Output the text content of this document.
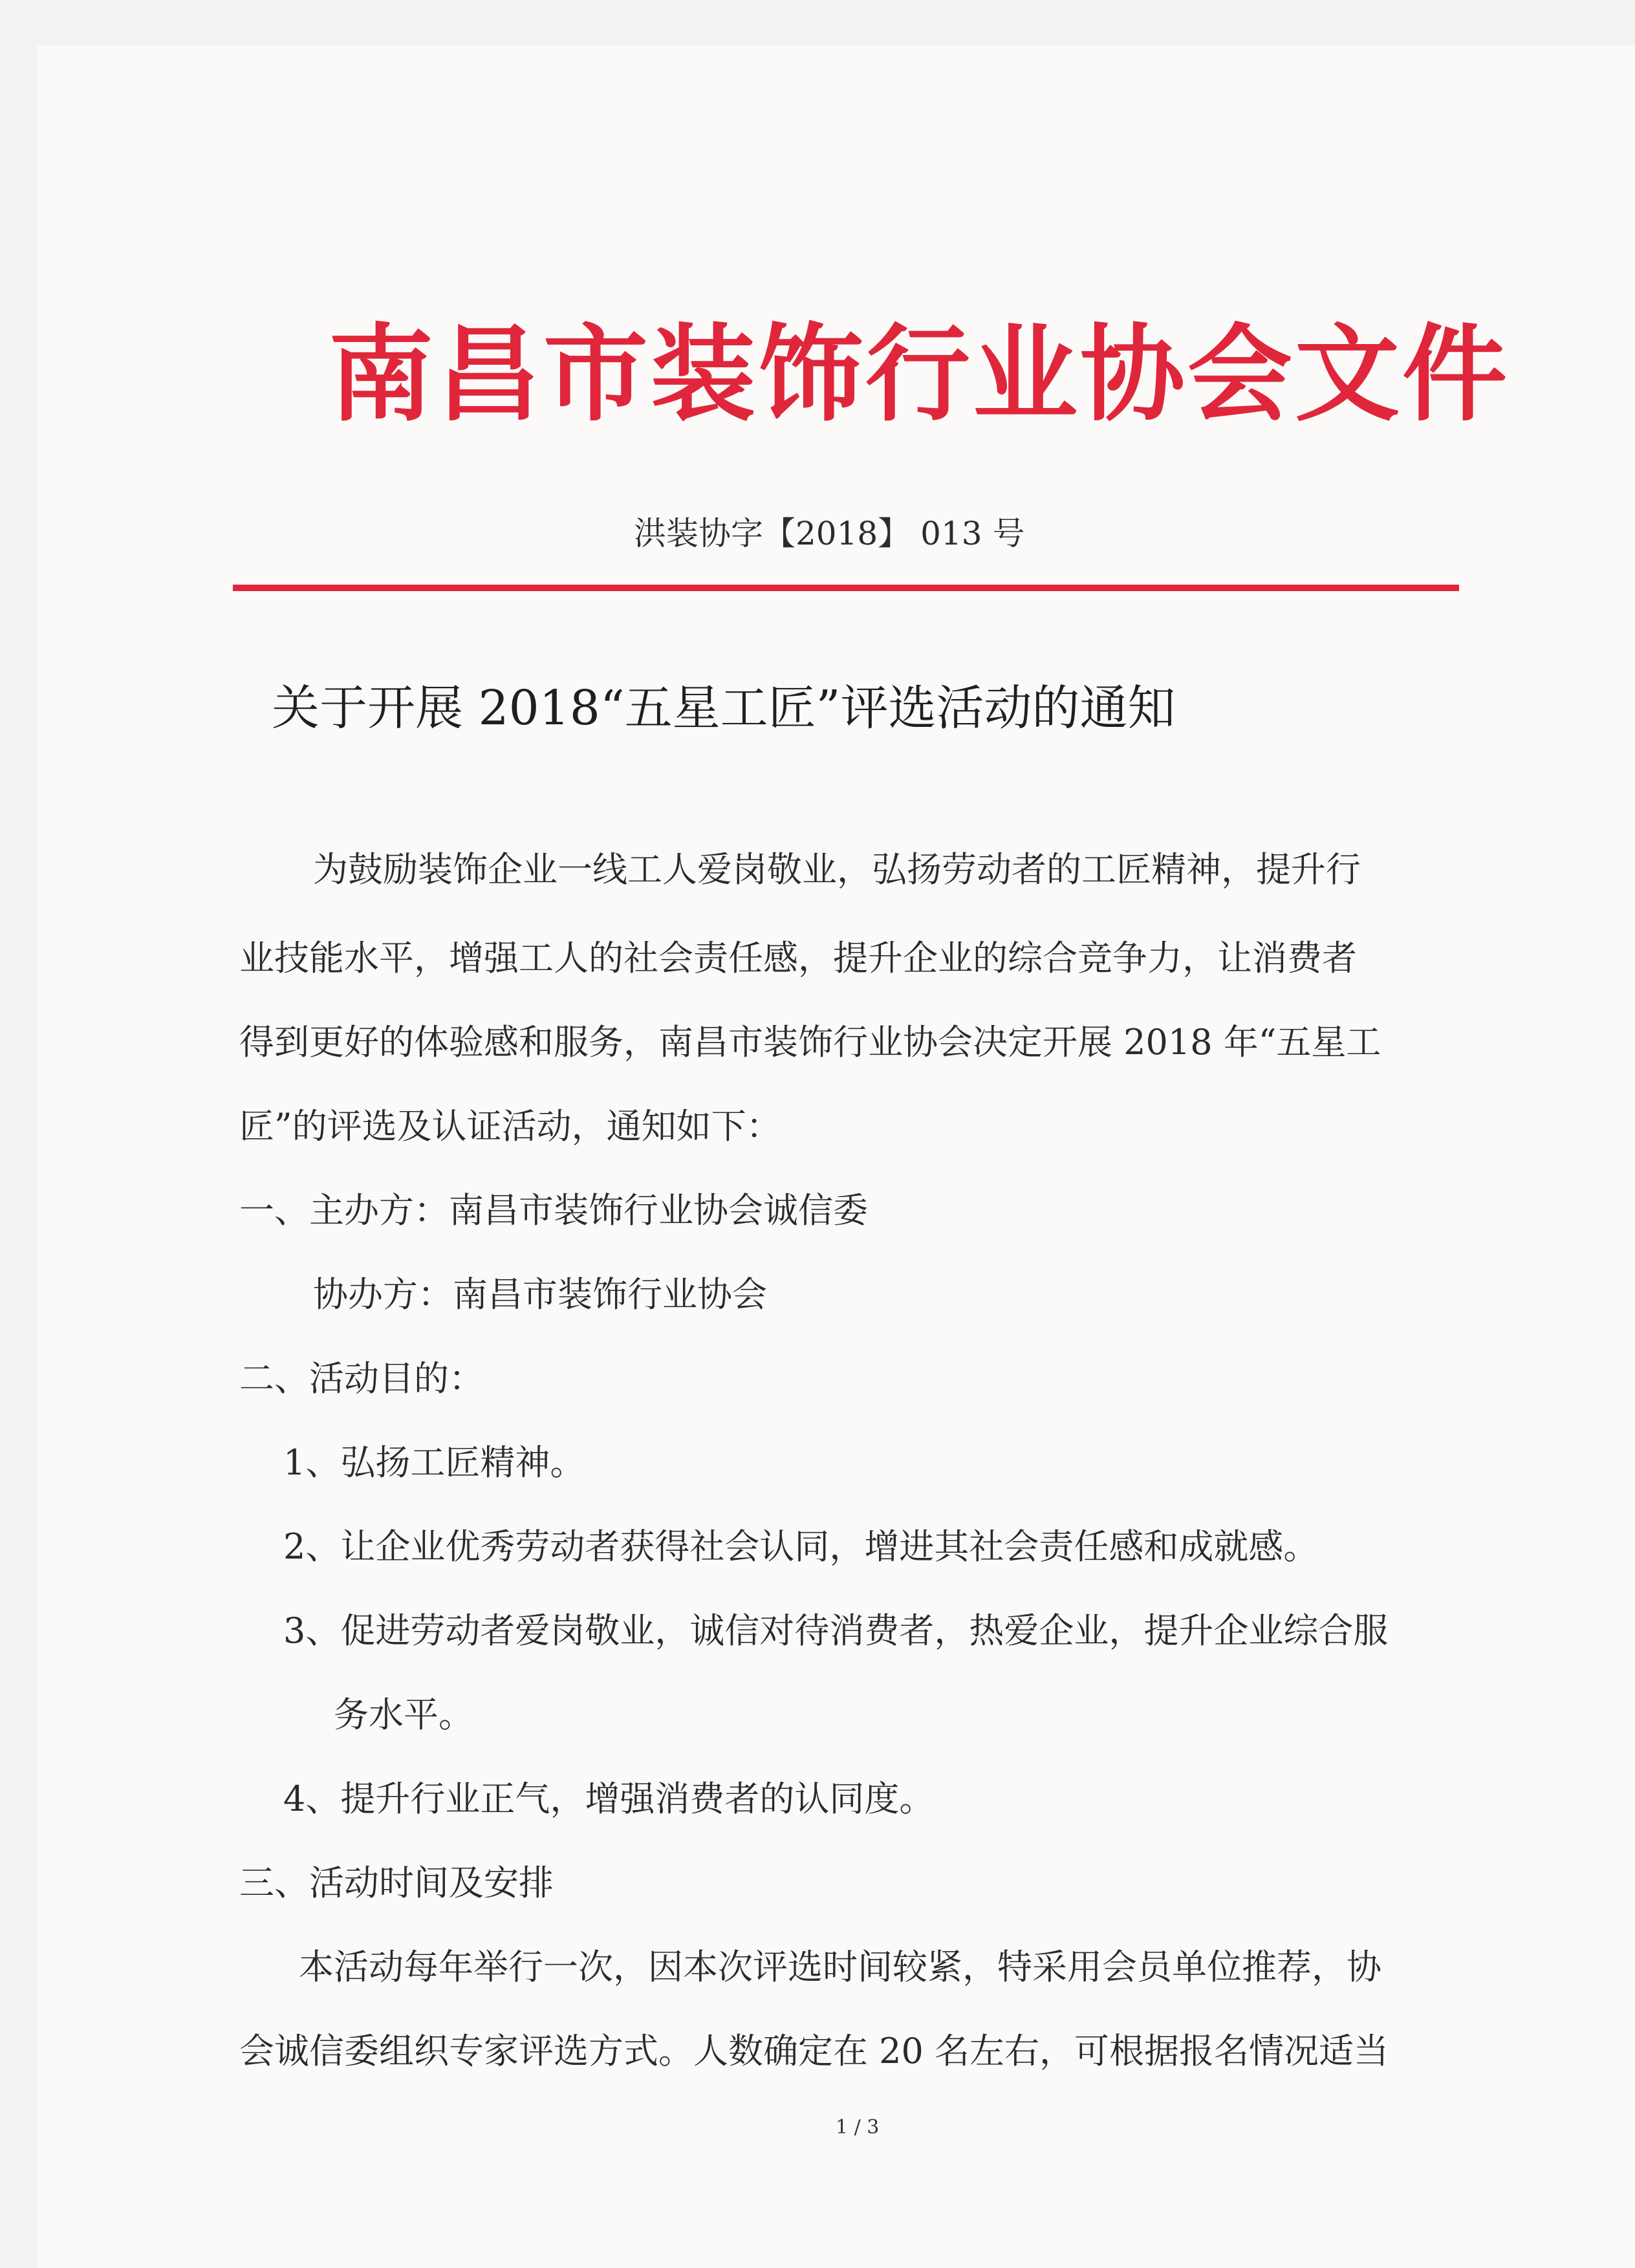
南昌市装饰行业协会文件
洪装协字【2018】 013 号
关于开展 2018“五星工匠”评选活动的通知
为鼓励装饰企业一线工人爱岗敬业，弘扬劳动者的工匠精神，提升行
业技能水平，增强工人的社会责任感，提升企业的综合竞争力，让消费者
得到更好的体验感和服务，南昌市装饰行业协会决定开展 2018 年“五星工
匠”的评选及认证活动，通知如下：
一、主办方：南昌市装饰行业协会诚信委
协办方：南昌市装饰行业协会
二、活动目的：
1、弘扬工匠精神。
2、让企业优秀劳动者获得社会认同，增进其社会责任感和成就感。
3、促进劳动者爱岗敬业，诚信对待消费者，热爱企业，提升企业综合服
务水平。
4、提升行业正气，增强消费者的认同度。
三、活动时间及安排
本活动每年举行一次，因本次评选时间较紧，特采用会员单位推荐，协
会诚信委组织专家评选方式。人数确定在 20 名左右，可根据报名情况适当
1 / 3
